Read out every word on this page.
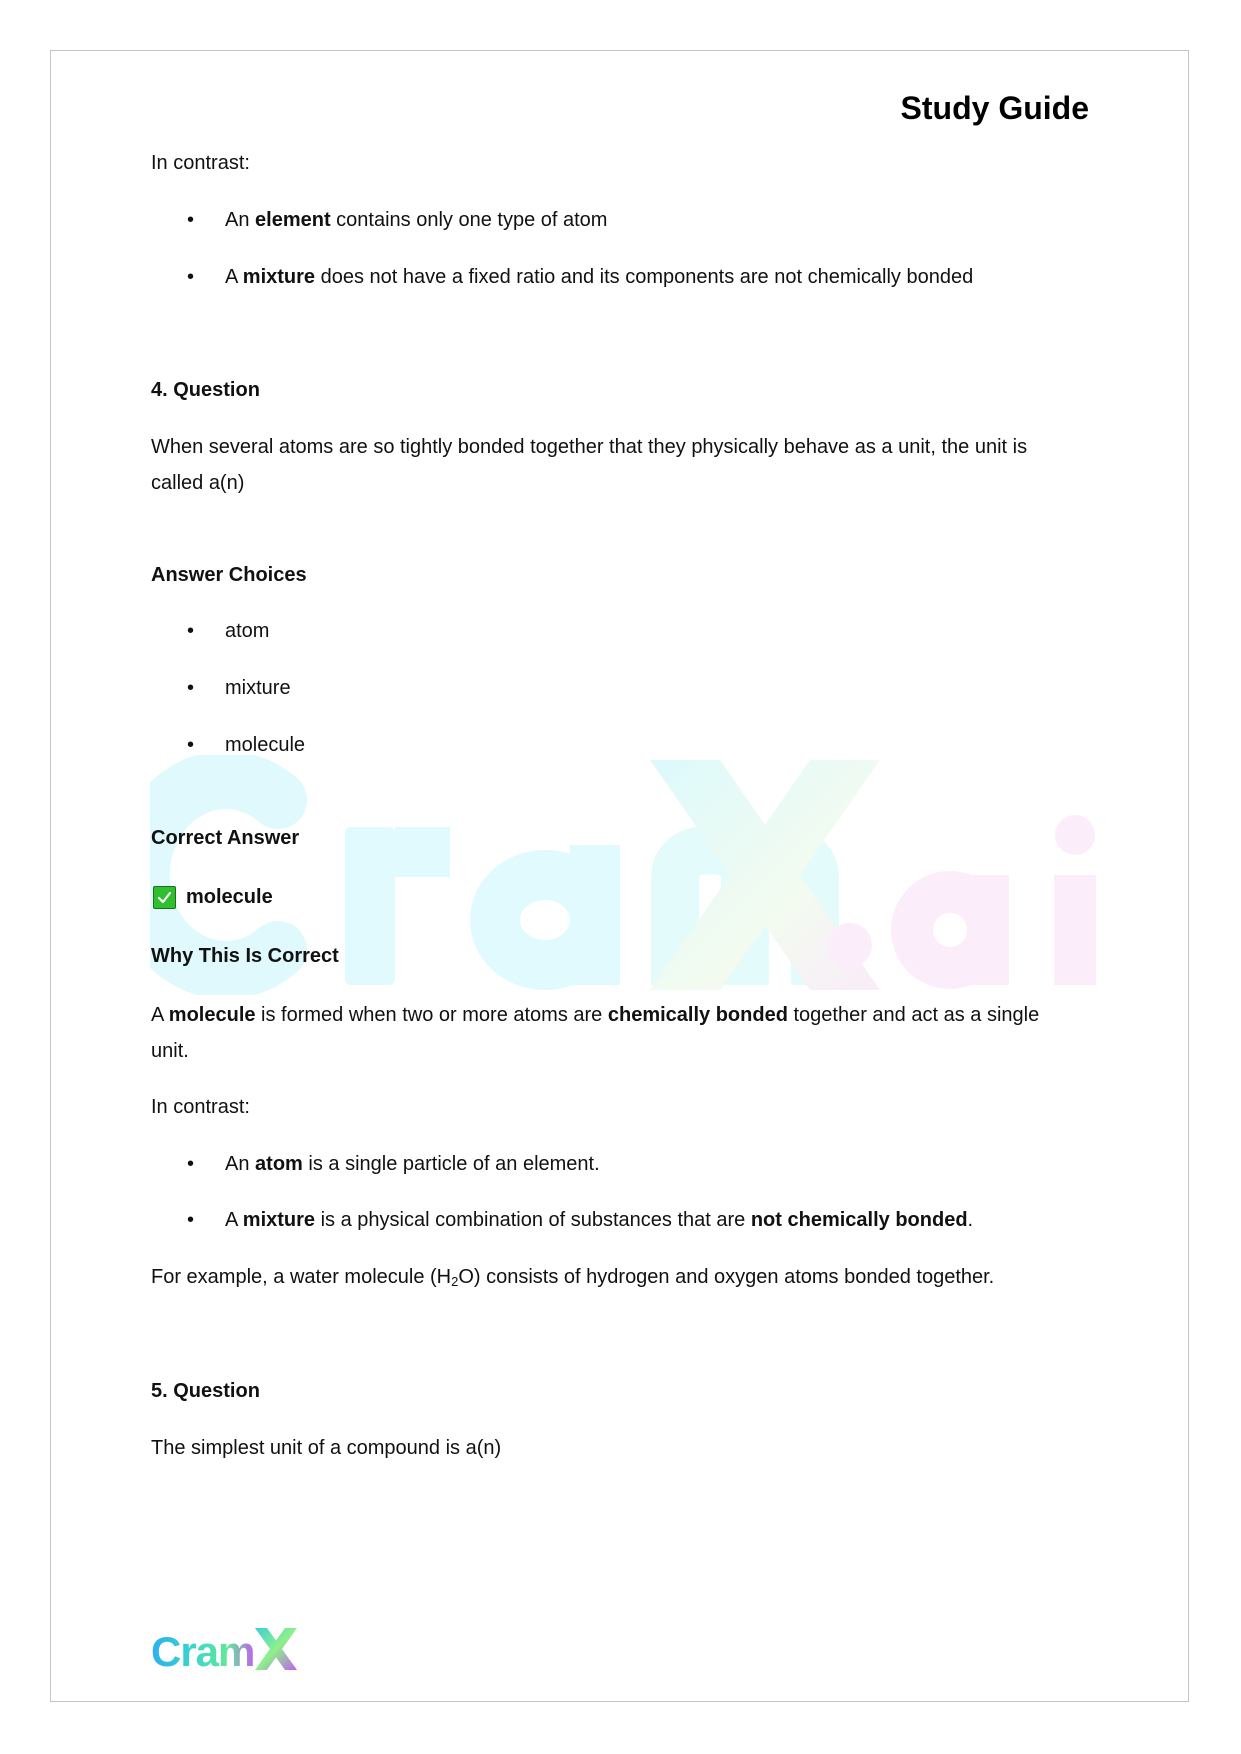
Study Guide
In contrast:
• An element contains only one type of atom
• A mixture does not have a fixed ratio and its components are not chemically bonded
4. Question
When several atoms are so tightly bonded together that they physically behave as a unit, the unit is
called a(n)
Answer Choices
• atom
• mixture
• molecule
Correct Answer
molecule
Why This Is Correct
A molecule is formed when two or more atoms are chemically bonded together and act as a single
unit.
In contrast:
• An atom is a single particle of an element.
• A mixture is a physical combination of substances that are not chemically bonded.
For example, a water molecule $(H_2O)$ consists of hydrogen and oxygen atoms bonded together.
5. Question
The simplest unit of a compound is a(n)
Cram
